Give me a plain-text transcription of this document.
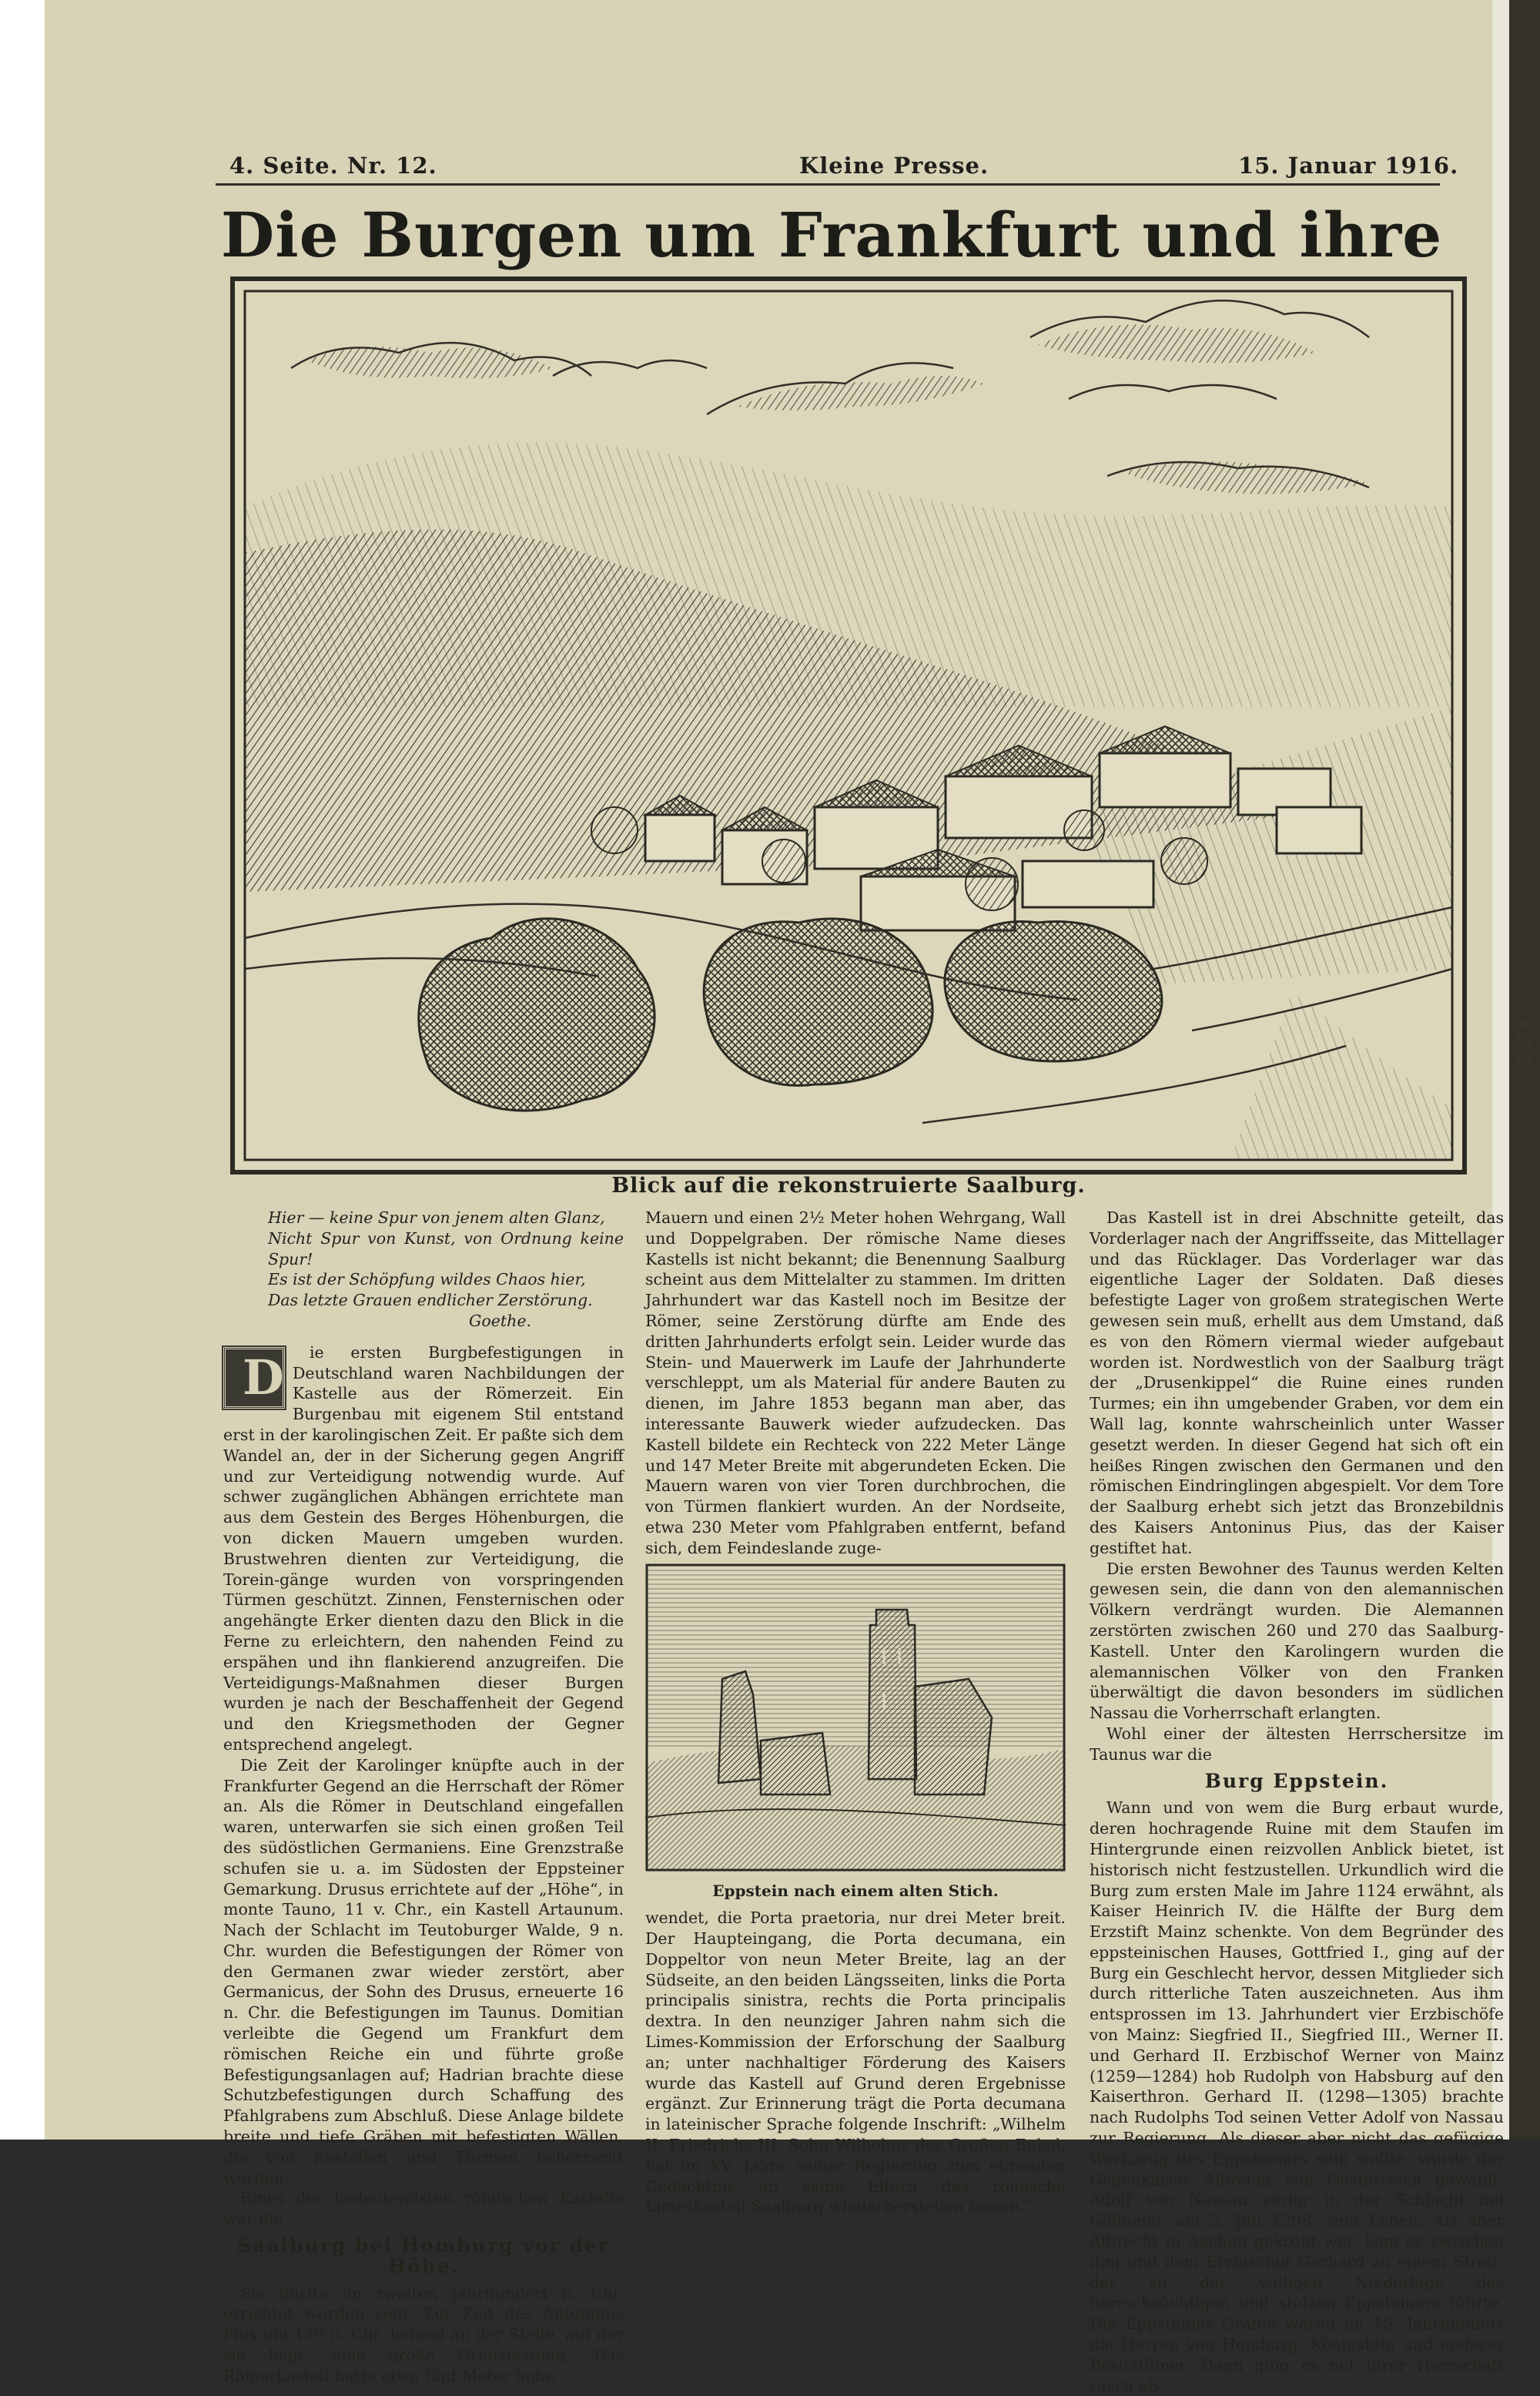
uvtaiu
4. Seite. Nr. 12.	Kleine Presse.	15. Januar 1916.
Die Burgen um Frankfurt und ihre
Blick auf die rekonstruierte Saalburg.
Hier — keine Spur von jenem alten Glanz,
Nicht Spur von Kunst, von Ordnung keine Spur!
Es ist der Schöpfung wildes Chaos hier,
Das letzte Grauen endlicher Zerstörung.
Goethe.

D ie ersten Burgbefestigungen in Deutschland waren Nachbildungen der Kastelle aus der Römerzeit. Ein Burgenbau mit eigenem Stil entstand erst in der karolingischen Zeit. Er paßte sich dem Wandel an, der in der Sicherung gegen Angriff und zur Verteidigung notwendig wurde. Auf schwer zugänglichen Abhängen errichtete man aus dem Gestein des Berges Höhenburgen, die von dicken Mauern umgeben wurden. Brustwehren dienten zur Verteidigung, die Torein-gänge wurden von vorspringenden Türmen geschützt. Zinnen, Fensternischen oder angehängte Erker dienten dazu den Blick in die Ferne zu erleichtern, den nahenden Feind zu erspähen und ihn flankierend anzugreifen. Die Verteidigungs-Maßnahmen dieser Burgen wurden je nach der Beschaffenheit der Gegend und den Kriegsmethoden der Gegner entsprechend angelegt.

Die Zeit der Karolinger knüpfte auch in der Frankfurter Gegend an die Herrschaft der Römer an. Als die Römer in Deutschland eingefallen waren, unterwarfen sie sich einen großen Teil des südöstlichen Germaniens. Eine Grenzstraße schufen sie u. a. im Südosten der Eppsteiner Gemarkung. Drusus errichtete auf der „Höhe“, in monte Tauno, 11 v. Chr., ein Kastell Artaunum. Nach der Schlacht im Teutoburger Walde, 9 n. Chr. wurden die Befestigungen der Römer von den Germanen zwar wieder zerstört, aber Germanicus, der Sohn des Drusus, erneuerte 16 n. Chr. die Befestigungen im Taunus. Domitian verleibte die Gegend um Frankfurt dem römischen Reiche ein und führte große Befestigungsanlagen auf; Hadrian brachte diese Schutzbefestigungen durch Schaffung des Pfahlgrabens zum Abschluß. Diese Anlage bildete breite und tiefe Gräben mit befestigten Wällen, die von Kastellen und Türmen beherrscht wurden.

Eines der bedeutendsten römischen Kastelle war die

Saalburg bei Homburg vor der Höhe.

Sie dürfte im zweiten Jahrhundert n. Chr. errichtet worden sein. Zur Zeit des Antoninus Pius um 139 n. Chr. befand an der Stelle, auf der sie liegt, eine große Grenzfestung. Das Römerkastell hatte etwa fünf Meter hohe

Mauern und einen 2½ Meter hohen Wehrgang, Wall und Doppelgraben. Der römische Name dieses Kastells ist nicht bekannt; die Benennung Saalburg scheint aus dem Mittelalter zu stammen. Im dritten Jahrhundert war das Kastell noch im Besitze der Römer, seine Zerstörung dürfte am Ende des dritten Jahrhunderts erfolgt sein. Leider wurde das Stein- und Mauerwerk im Laufe der Jahrhunderte verschleppt, um als Material für andere Bauten zu dienen, im Jahre 1853 begann man aber, das interessante Bauwerk wieder aufzudecken. Das Kastell bildete ein Rechteck von 222 Meter Länge und 147 Meter Breite mit abgerundeten Ecken. Die Mauern waren von vier Toren durchbrochen, die von Türmen flankiert wurden. An der Nordseite, etwa 230 Meter vom Pfahlgraben entfernt, befand sich, dem Feindeslande zuge-

Eppstein nach einem alten Stich.

wendet, die Porta praetoria, nur drei Meter breit. Der Haupteingang, die Porta decumana, ein Doppeltor von neun Meter Breite, lag an der Südseite, an den beiden Längsseiten, links die Porta principalis sinistra, rechts die Porta principalis dextra. In den neunziger Jahren nahm sich die Limes-Kommission der Erforschung der Saalburg an; unter nachhaltiger Förderung des Kaisers wurde das Kastell auf Grund deren Ergebnisse ergänzt. Zur Erinnerung trägt die Porta decumana in lateinischer Sprache folgende Inschrift: „Wilhelm II. Friedrichs III. Sohn Wilhelms des Großen Enkel, hat im XV. Jahre seiner Regierung zum ehrenden Gedächtnis an seine Eltern das römische Limeskastell Saalburg wiederherstellen lassen.“

Das Kastell ist in drei Abschnitte geteilt, das Vorderlager nach der Angriffsseite, das Mittellager und das Rücklager. Das Vorderlager war das eigentliche Lager der Soldaten. Daß dieses befestigte Lager von großem strategischen Werte gewesen sein muß, erhellt aus dem Umstand, daß es von den Römern viermal wieder aufgebaut worden ist. Nordwestlich von der Saalburg trägt der „Drusenkippel“ die Ruine eines runden Turmes; ein ihn umgebender Graben, vor dem ein Wall lag, konnte wahrscheinlich unter Wasser gesetzt werden. In dieser Gegend hat sich oft ein heißes Ringen zwischen den Germanen und den römischen Eindringlingen abgespielt. Vor dem Tore der Saalburg erhebt sich jetzt das Bronzebildnis des Kaisers Antoninus Pius, das der Kaiser gestiftet hat.

Die ersten Bewohner des Taunus werden Kelten gewesen sein, die dann von den alemannischen Völkern verdrängt wurden. Die Alemannen zerstörten zwischen 260 und 270 das Saalburg-Kastell. Unter den Karolingern wurden die alemannischen Völker von den Franken überwältigt die davon besonders im südlichen Nassau die Vorherrschaft erlangten.

Wohl einer der ältesten Herrschersitze im Taunus war die

Burg Eppstein.

Wann und von wem die Burg erbaut wurde, deren hochragende Ruine mit dem Staufen im Hintergrunde einen reizvollen Anblick bietet, ist historisch nicht festzustellen. Urkundlich wird die Burg zum ersten Male im Jahre 1124 erwähnt, als Kaiser Heinrich IV. die Hälfte der Burg dem Erzstift Mainz schenkte. Von dem Begründer des eppsteinischen Hauses, Gottfried I., ging auf der Burg ein Geschlecht hervor, dessen Mitglieder sich durch ritterliche Taten auszeichneten. Aus ihm entsprossen im 13. Jahrhundert vier Erzbischöfe von Mainz: Siegfried II., Siegfried III., Werner II. und Gerhard II. Erzbischof Werner von Mainz (1259—1284) hob Rudolph von Habsburg auf den Kaiserthron. Gerhard II. (1298—1305) brachte nach Rudolphs Tod seinen Vetter Adolf von Nassau zur Regierung. Als dieser aber nicht das gefügige Werkzeug des Eppsteiners sein wollte, wurde der Gegenkaiser Albrecht von Oesterreich gewählt. Adolf von Nassau verlor in der Schlacht bei Göllheim, am 2. Juli 1298, sein Leben. Als aber Albrecht in Aachen gekrönt war, kam es zwischen ihm und dem Erzbischof Gerhard zu einem Streit, der zu der völligen Niederlage des herrschsüchtigen und stolzen Eppsteiners führte. Die Eppsteiner Grafen waren im 15. Jahrhundert die Herren von Homburg, Königstein und anderer Besitztümer. Dann ging es mit ihrer Herrschaft rasch ab-
